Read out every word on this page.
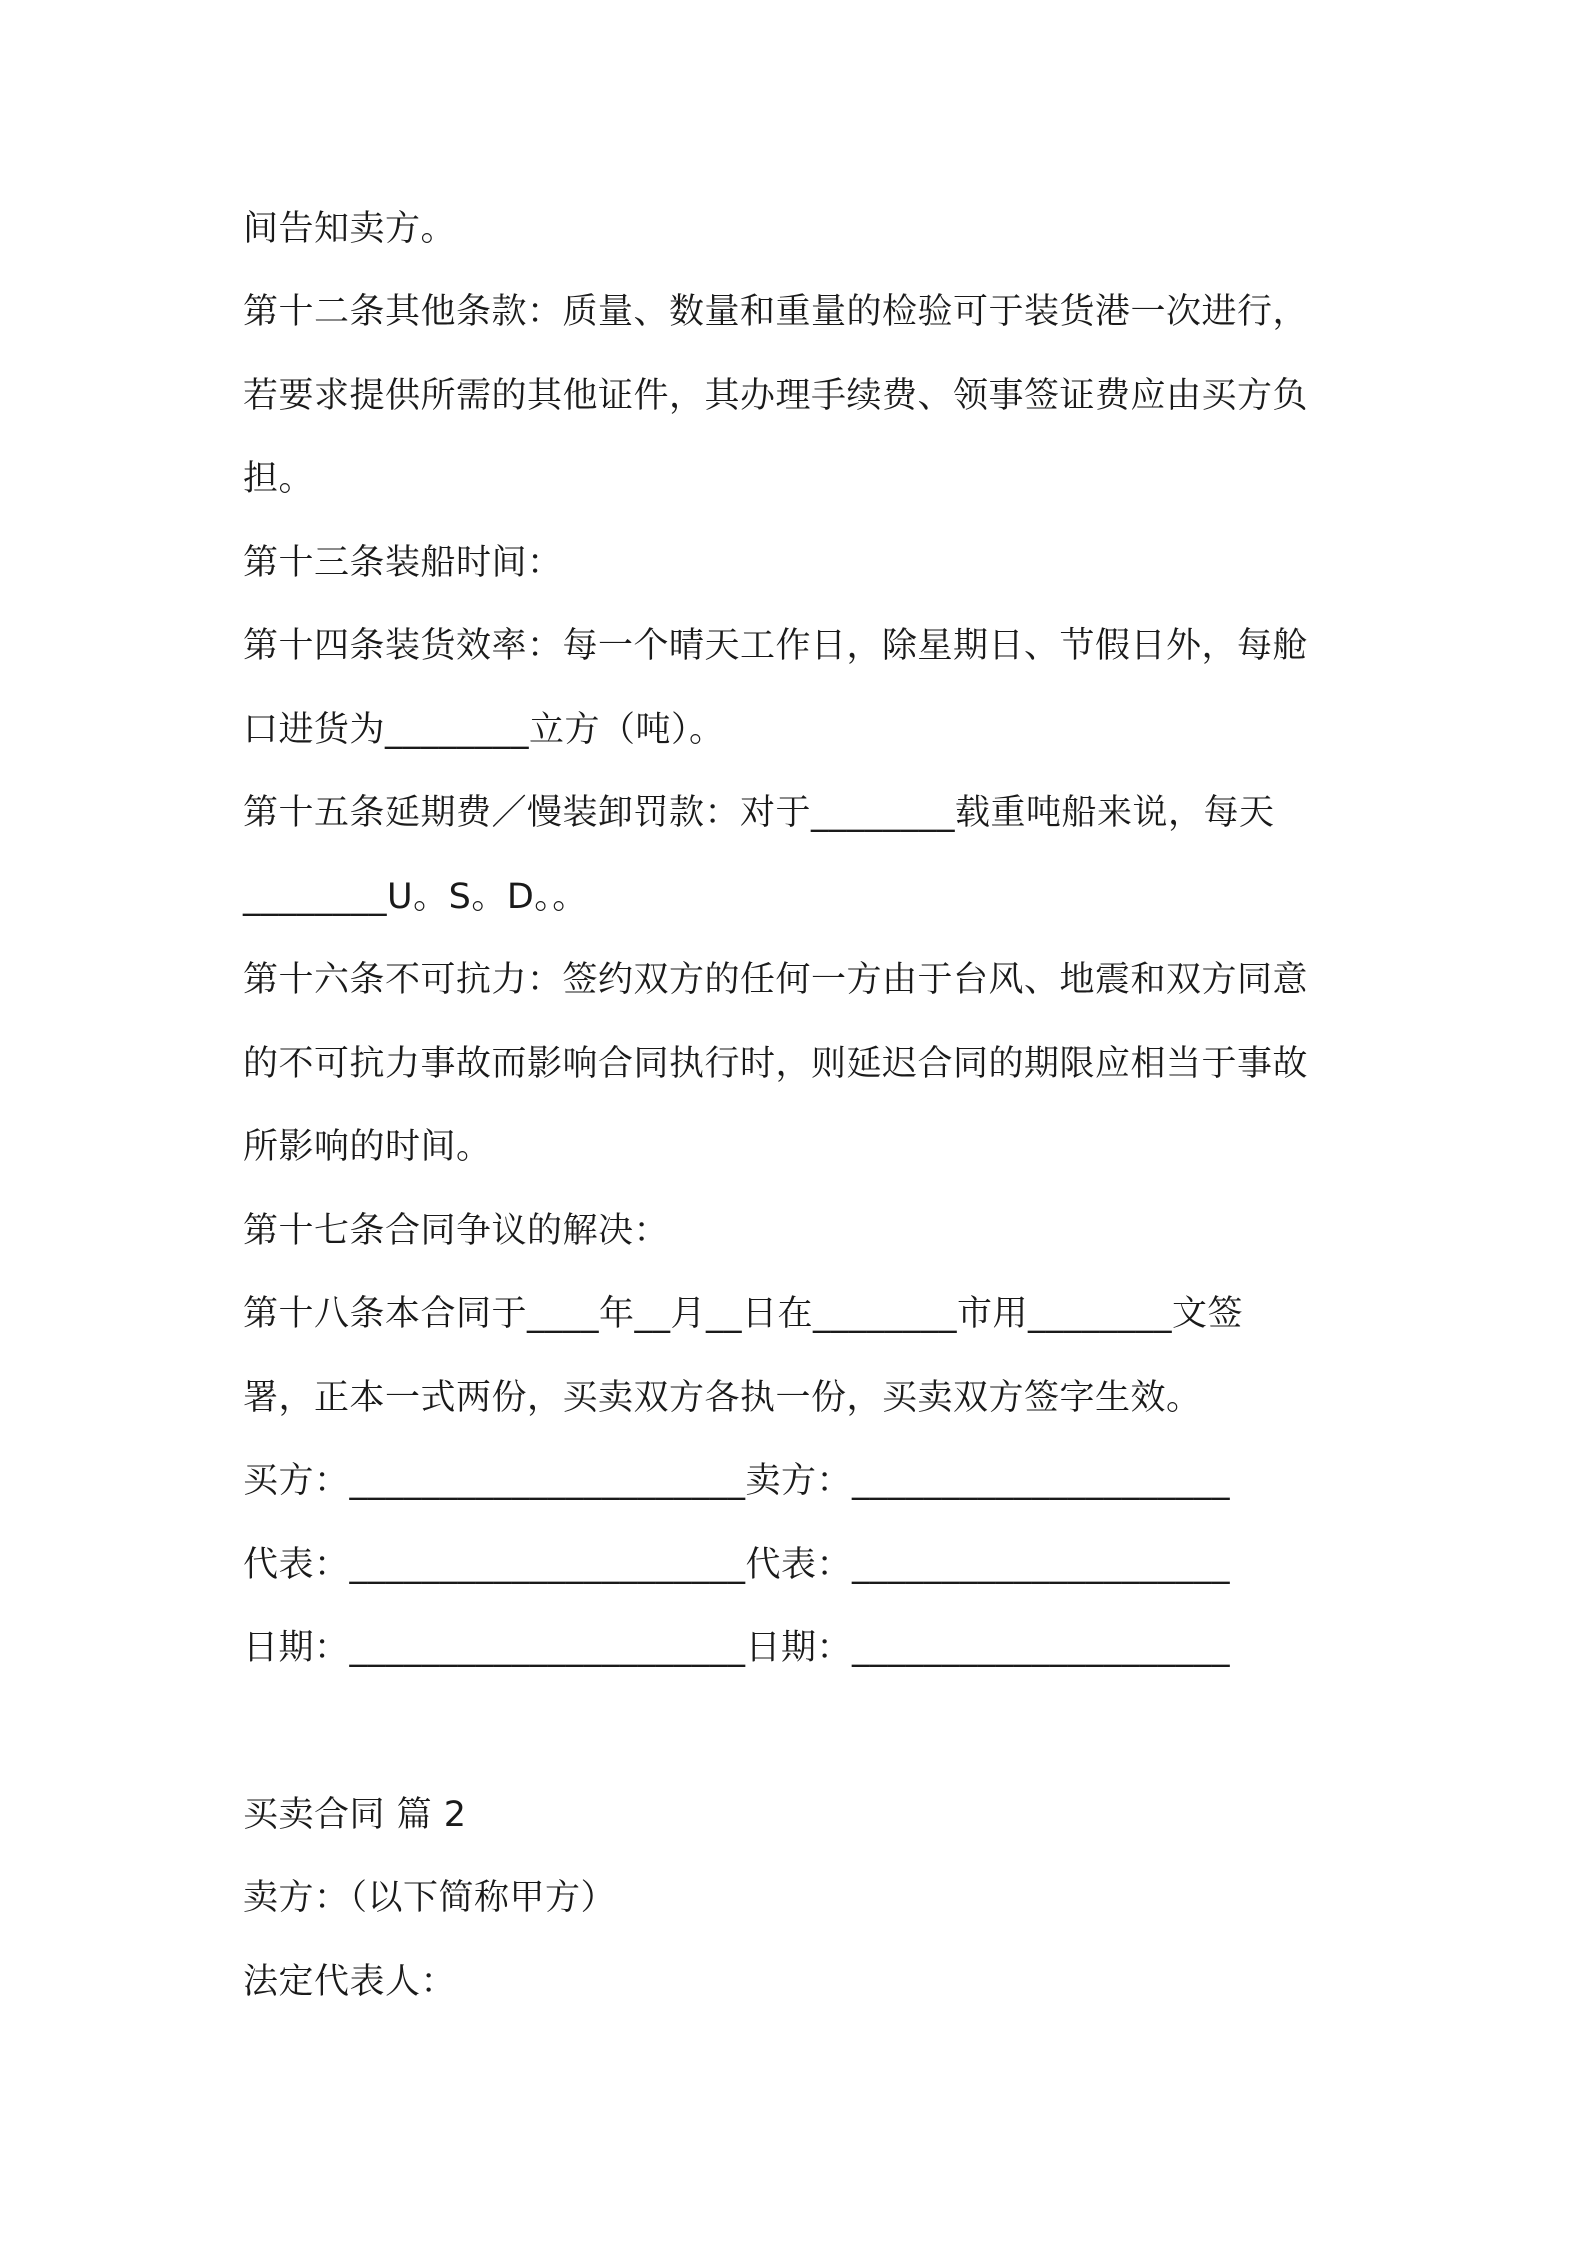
间告知卖方。
第十二条其他条款：质量、数量和重量的检验可于装货港一次进行，
若要求提供所需的其他证件，其办理手续费、领事签证费应由买方负
担。
第十三条装船时间：
第十四条装货效率：每一个晴天工作日，除星期日、节假日外，每舱
口进货为________立方（吨）。
第十五条延期费／慢装卸罚款：对于________载重吨船来说，每天
________U。S。D。。
第十六条不可抗力：签约双方的任何一方由于台风、地震和双方同意
的不可抗力事故而影响合同执行时，则延迟合同的期限应相当于事故
所影响的时间。
第十七条合同争议的解决：
第十八条本合同于____年__月__日在________市用________文签
署，正本一式两份，买卖双方各执一份，买卖双方签字生效。
买方：______________________卖方：_____________________
代表：______________________代表：_____________________
日期：______________________日期：_____________________
买卖合同 篇 2
卖方：（以下简称甲方）
法定代表人：
